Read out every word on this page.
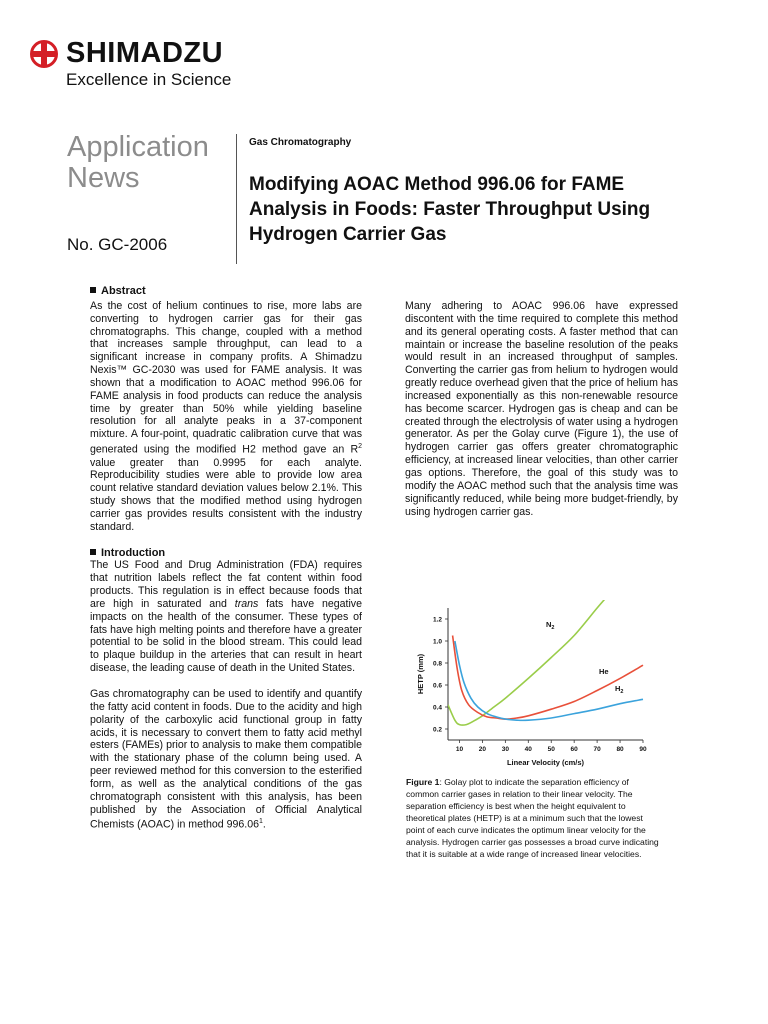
SHIMADZU
Excellence in Science
Application News
No. GC-2006
Gas Chromatography
Modifying AOAC Method 996.06 for FAME Analysis in Foods: Faster Throughput Using Hydrogen Carrier Gas

Abstract

As the cost of helium continues to rise, more labs are converting to hydrogen carrier gas for their gas chromatographs. This change, coupled with a method that increases sample throughput, can lead to a significant increase in company profits. A Shimadzu Nexis™ GC-2030 was used for FAME analysis. It was shown that a modification to AOAC method 996.06 for FAME analysis in food products can reduce the analysis time by greater than 50% while yielding baseline resolution for all analyte peaks in a 37-component mixture. A four-point, quadratic calibration curve that was generated using the modified H2 method gave an $R^2$ value greater than 0.9995 for each analyte. Reproducibility studies were able to provide low area count relative standard deviation values below 2.1%. This study shows that the modified method using hydrogen carrier gas provides results consistent with the industry standard.

Introduction

The US Food and Drug Administration (FDA) requires that nutrition labels reflect the fat content within food products. This regulation is in effect because foods that are high in saturated and trans fats have negative impacts on the health of the consumer. These types of fats have high melting points and therefore have a greater potential to be solid in the blood stream. This could lead to plaque buildup in the arteries that can result in heart disease, the leading cause of death in the United States.

Gas chromatography can be used to identify and quantify the fatty acid content in foods. Due to the acidity and high polarity of the carboxylic acid functional group in fatty acids, it is necessary to convert them to fatty acid methyl esters (FAMEs) prior to analysis to make them compatible with the stationary phase of the column being used. A peer reviewed method for this conversion to the esterified form, as well as the analytical conditions of the gas chromatograph consistent with this analysis, has been published by the Association of Official Analytical Chemists (AOAC) in method 996.06$^1$.

Many adhering to AOAC 996.06 have expressed discontent with the time required to complete this method and its general operating costs. A faster method that can maintain or increase the baseline resolution of the peaks would result in an increased throughput of samples. Converting the carrier gas from helium to hydrogen would greatly reduce overhead given that the price of helium has increased exponentially as this non-renewable resource has become scarcer. Hydrogen gas is cheap and can be created through the electrolysis of water using a hydrogen generator. As per the Golay curve (Figure 1), the use of hydrogen carrier gas offers greater chromatographic efficiency, at increased linear velocities, than other carrier gas options. Therefore, the goal of this study was to modify the AOAC method such that the analysis time was significantly reduced, while being more budget-friendly, by using hydrogen carrier gas.

0.2
0.4
0.6
0.8
1.0
1.2
10 20 30 40 50 60 70 80 90
Linear Velocity (cm/s)
HETP (mm)
$N_2$
He
$H_2$
Figure 1: Golay plot to indicate the separation efficiency of common carrier gases in relation to their linear velocity. The separation efficiency is best when the height equivalent to theoretical plates (HETP) is at a minimum such that the lowest point of each curve indicates the optimum linear velocity for the analysis. Hydrogen carrier gas possesses a broad curve indicating that it is suitable at a wide range of increased linear velocities.
